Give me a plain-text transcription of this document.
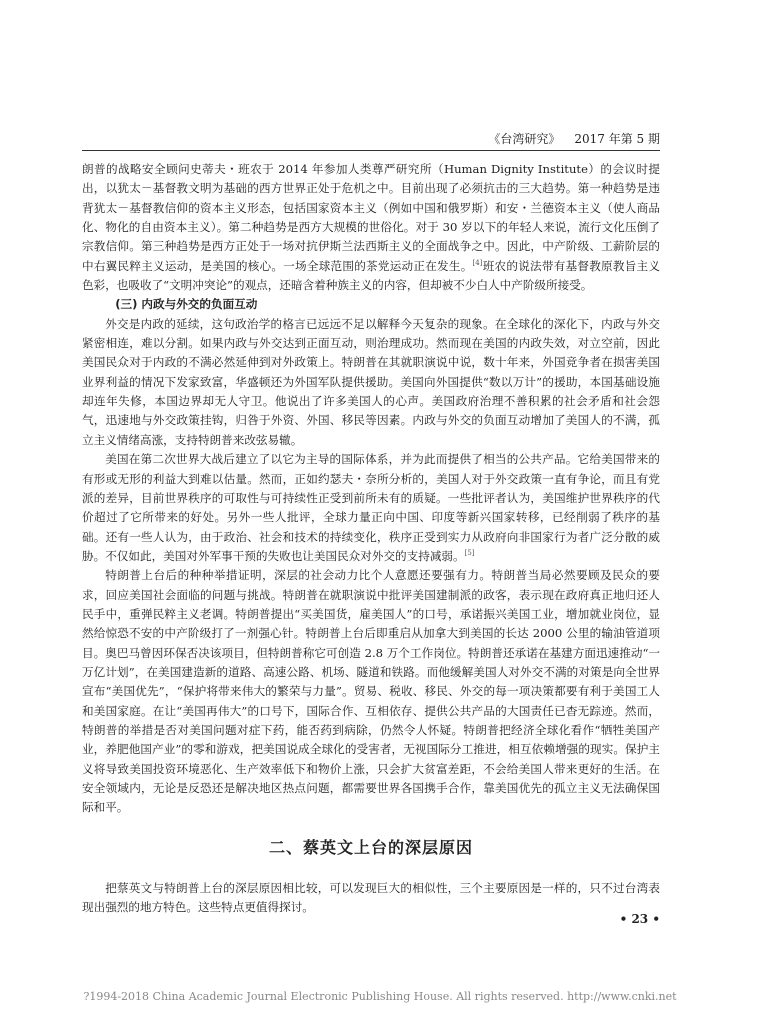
《台湾研究》 2017 年第 5 期

朗普的战略安全顾问史蒂夫・班农于 2014 年参加人类尊严研究所（Human Dignity Institute）的会议时提出，以犹太－基督教文明为基础的西方世界正处于危机之中。目前出现了必须抗击的三大趋势。第一种趋势是违背犹太－基督教信仰的资本主义形态，包括国家资本主义（例如中国和俄罗斯）和安・兰德资本主义（使人商品化、物化的自由资本主义）。第二种趋势是西方大规模的世俗化。对于 30 岁以下的年轻人来说，流行文化压倒了宗教信仰。第三种趋势是西方正处于一场对抗伊斯兰法西斯主义的全面战争之中。因此，中产阶级、工薪阶层的中右翼民粹主义运动，是美国的核心。一场全球范围的茶党运动正在发生。[4]班农的说法带有基督教原教旨主义色彩，也吸收了“文明冲突论”的观点，还暗含着种族主义的内容，但却被不少白人中产阶级所接受。

(三) 内政与外交的负面互动

外交是内政的延续，这句政治学的格言已远远不足以解释今天复杂的现象。在全球化的深化下，内政与外交紧密相连，难以分割。如果内政与外交达到正面互动，则治理成功。然而现在美国的内政失效，对立空前，因此美国民众对于内政的不满必然延伸到对外政策上。特朗普在其就职演说中说，数十年来，外国竞争者在损害美国业界利益的情况下发家致富，华盛顿还为外国军队提供援助。美国向外国提供“数以万计”的援助，本国基础设施却连年失修，本国边界却无人守卫。他说出了许多美国人的心声。美国政府治理不善积累的社会矛盾和社会怨气，迅速地与外交政策挂钩，归咎于外资、外国、移民等因素。内政与外交的负面互动增加了美国人的不满，孤立主义情绪高涨，支持特朗普来改弦易辙。

美国在第二次世界大战后建立了以它为主导的国际体系，并为此而提供了相当的公共产品。它给美国带来的有形或无形的利益大到难以估量。然而，正如约瑟夫・奈所分析的，美国人对于外交政策一直有争论，而且有党派的差异，目前世界秩序的可取性与可持续性正受到前所未有的质疑。一些批评者认为，美国维护世界秩序的代价超过了它所带来的好处。另外一些人批评，全球力量正向中国、印度等新兴国家转移，已经削弱了秩序的基础。还有一些人认为，由于政治、社会和技术的持续变化，秩序正受到实力从政府向非国家行为者广泛分散的威胁。不仅如此，美国对外军事干预的失败也让美国民众对外交的支持减弱。[5]

特朗普上台后的种种举措证明，深层的社会动力比个人意愿还要强有力。特朗普当局必然要顾及民众的要求，回应美国社会面临的问题与挑战。特朗普在就职演说中批评美国建制派的政客，表示现在政府真正地归还人民手中，重弹民粹主义老调。特朗普提出“买美国货，雇美国人”的口号，承诺振兴美国工业，增加就业岗位，显然给惊恐不安的中产阶级打了一剂强心针。特朗普上台后即重启从加拿大到美国的长达 2000 公里的输油管道项目。奥巴马曾因环保否决该项目，但特朗普称它可创造 2.8 万个工作岗位。特朗普还承诺在基建方面迅速推动“一万亿计划”，在美国建造新的道路、高速公路、机场、隧道和铁路。而他缓解美国人对外交不满的对策是向全世界宣布“美国优先”，“保护将带来伟大的繁荣与力量”。贸易、税收、移民、外交的每一项决策都要有利于美国工人和美国家庭。在让“美国再伟大”的口号下，国际合作、互相依存、提供公共产品的大国责任已杳无踪迹。然而，特朗普的举措是否对美国问题对症下药，能否药到病除，仍然令人怀疑。特朗普把经济全球化看作“牺牲美国产业，养肥他国产业”的零和游戏，把美国说成全球化的受害者，无视国际分工推进，相互依赖增强的现实。保护主义将导致美国投资环境恶化、生产效率低下和物价上涨，只会扩大贫富差距，不会给美国人带来更好的生活。在安全领域内，无论是反恐还是解决地区热点问题，都需要世界各国携手合作，靠美国优先的孤立主义无法确保国际和平。

二、蔡英文上台的深层原因

把蔡英文与特朗普上台的深层原因相比较，可以发现巨大的相似性，三个主要原因是一样的，只不过台湾表现出强烈的地方特色。这些特点更值得探讨。

• 23 •
?1994-2018 China Academic Journal Electronic Publishing House. All rights reserved. http://www.cnki.net
